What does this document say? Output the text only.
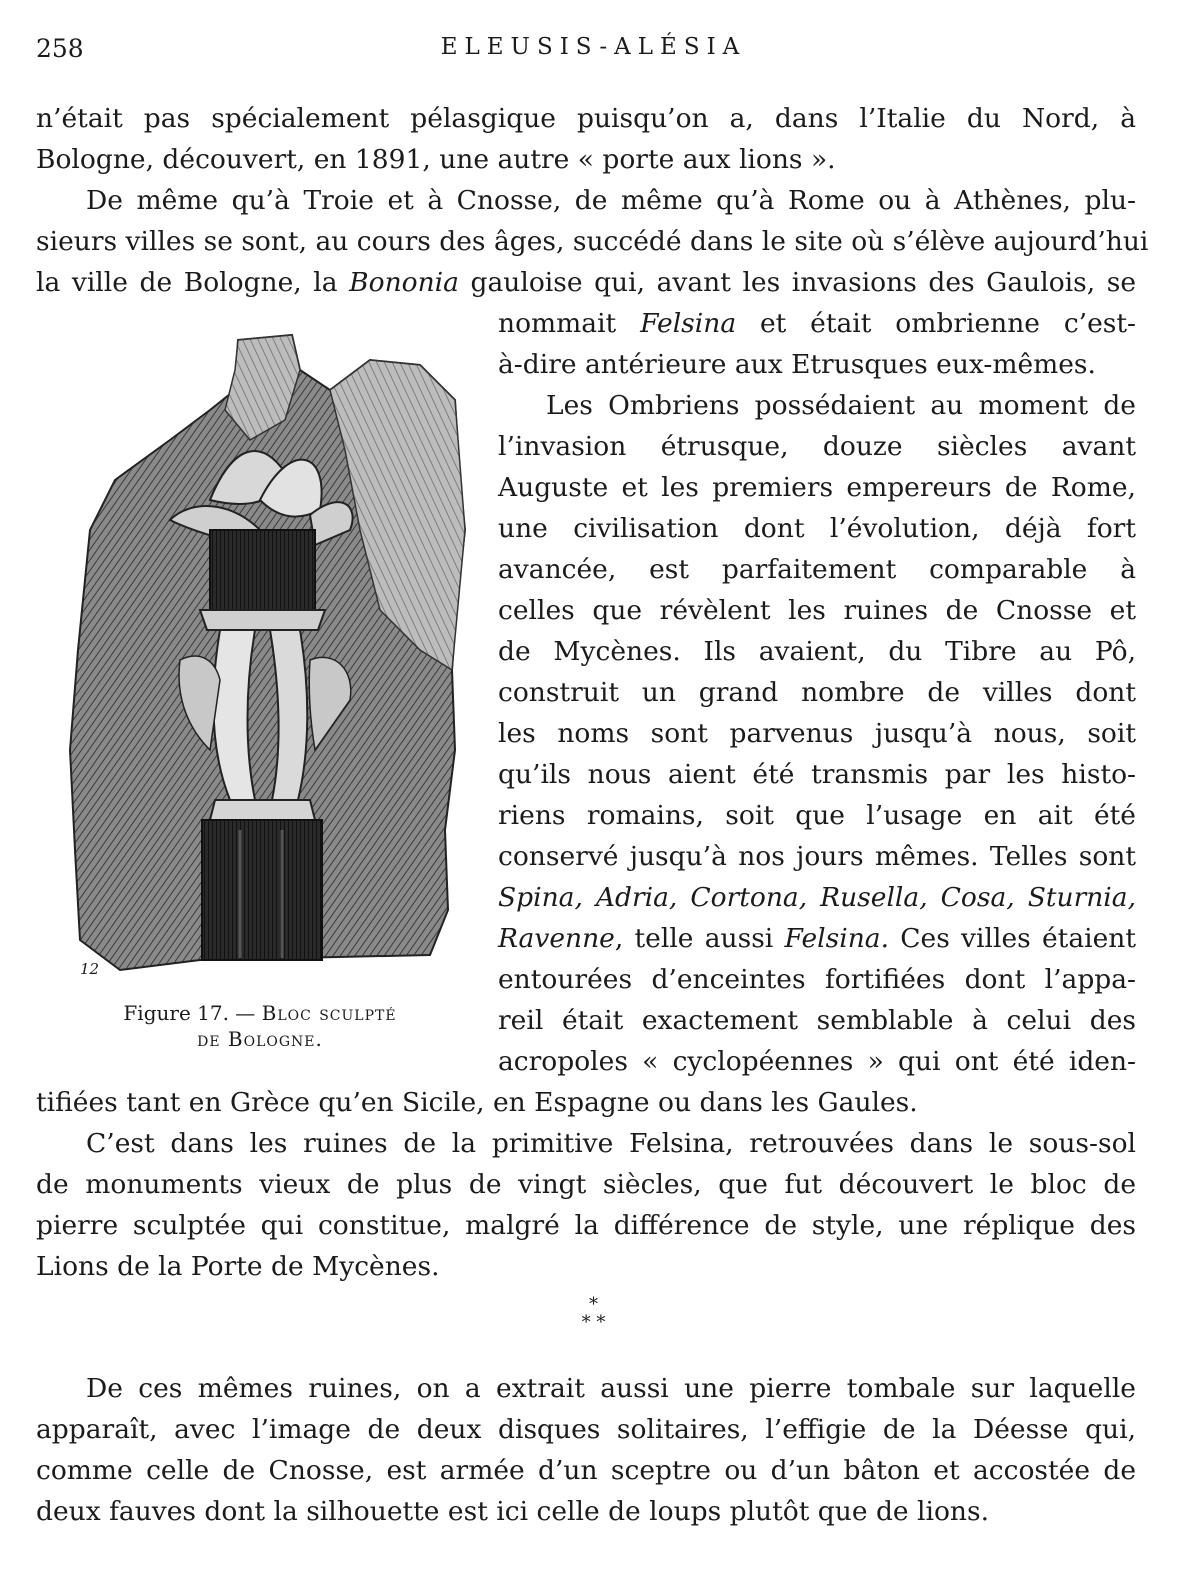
258	ELEUSIS-ALÉSIA
n’était pas spécialement pélasgique puisqu’on a, dans l’Italie du Nord, à
Bologne, découvert, en 1891, une autre « porte aux lions ».
De même qu’à Troie et à Cnosse, de même qu’à Rome ou à Athènes, plu-
sieurs villes se sont, au cours des âges, succédé dans le site où s’élève aujourd’hui
la ville de Bologne, la Bononia gauloise qui, avant les invasions des Gaulois, se
nommait Felsina et était ombrienne c’est-
à-dire antérieure aux Etrusques eux-mêmes.
Les Ombriens possédaient au moment de
l’invasion étrusque, douze siècles avant
Auguste et les premiers empereurs de Rome,
une civilisation dont l’évolution, déjà fort
avancée, est parfaitement comparable à
celles que révèlent les ruines de Cnosse et
de Mycènes. Ils avaient, du Tibre au Pô,
construit un grand nombre de villes dont
les noms sont parvenus jusqu’à nous, soit
qu’ils nous aient été transmis par les histo-
riens romains, soit que l’usage en ait été
conservé jusqu’à nos jours mêmes. Telles sont
Spina, Adria, Cortona, Rusella, Cosa, Sturnia,
Ravenne, telle aussi Felsina. Ces villes étaient
entourées d’enceintes fortifiées dont l’appa-
reil était exactement semblable à celui des
acropoles « cyclopéennes » qui ont été iden-
tifiées tant en Grèce qu’en Sicile, en Espagne ou dans les Gaules.
C’est dans les ruines de la primitive Felsina, retrouvées dans le sous-sol
de monuments vieux de plus de vingt siècles, que fut découvert le bloc de
pierre sculptée qui constitue, malgré la différence de style, une réplique des
Lions de la Porte de Mycènes.
*
* *
De ces mêmes ruines, on a extrait aussi une pierre tombale sur laquelle
apparaît, avec l’image de deux disques solitaires, l’effigie de la Déesse qui,
comme celle de Cnosse, est armée d’un sceptre ou d’un bâton et accostée de
deux fauves dont la silhouette est ici celle de loups plutôt que de lions.
12
Figure 17. — Bloc sculpté
de Bologne.
